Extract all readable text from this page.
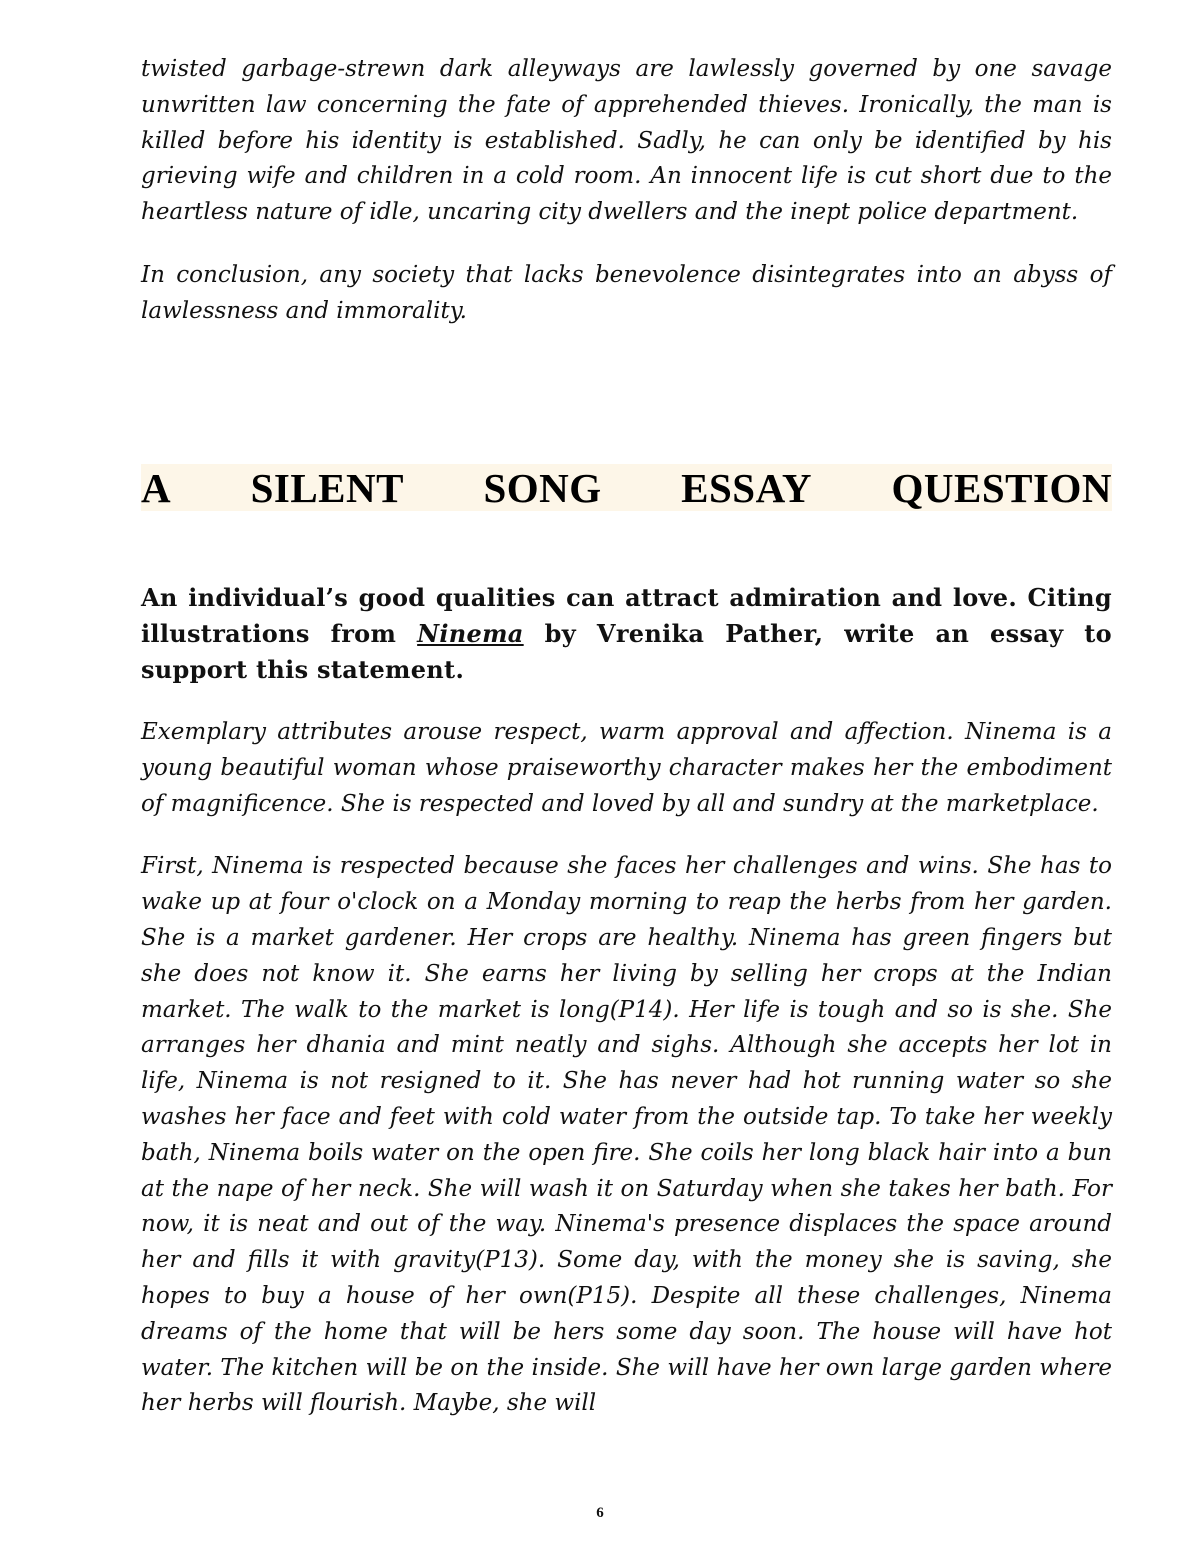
twisted garbage-strewn dark alleyways are lawlessly governed by one savage unwritten law concerning the fate of apprehended thieves. Ironically, the man is killed before his identity is established. Sadly, he can only be identified by his grieving wife and children in a cold room. An innocent life is cut short due to the heartless nature of idle, uncaring city dwellers and the inept police department.

In conclusion, any society that lacks benevolence disintegrates into an abyss of lawlessness and immorality.

A SILENT SONG ESSAY QUESTION

An individual’s good qualities can attract admiration and love. Citing illustrations from Ninema by Vrenika Pather, write an essay to support this statement.

Exemplary attributes arouse respect, warm approval and affection. Ninema is a young beautiful woman whose praiseworthy character makes her the embodiment of magnificence. She is respected and loved by all and sundry at the marketplace.

First, Ninema is respected because she faces her challenges and wins. She has to wake up at four o'clock on a Monday morning to reap the herbs from her garden. She is a market gardener. Her crops are healthy. Ninema has green fingers but she does not know it. She earns her living by selling her crops at the Indian market. The walk to the market is long(P14). Her life is tough and so is she. She arranges her dhania and mint neatly and sighs. Although she accepts her lot in life, Ninema is not resigned to it. She has never had hot running water so she washes her face and feet with cold water from the outside tap. To take her weekly bath, Ninema boils water on the open fire. She coils her long black hair into a bun at the nape of her neck. She will wash it on Saturday when she takes her bath. For now, it is neat and out of the way. Ninema's presence displaces the space around her and fills it with gravity(P13). Some day, with the money she is saving, she hopes to buy a house of her own(P15). Despite all these challenges, Ninema dreams of the home that will be hers some day soon. The house will have hot water. The kitchen will be on the inside. She will have her own large garden where her herbs will flourish. Maybe, she will

6
